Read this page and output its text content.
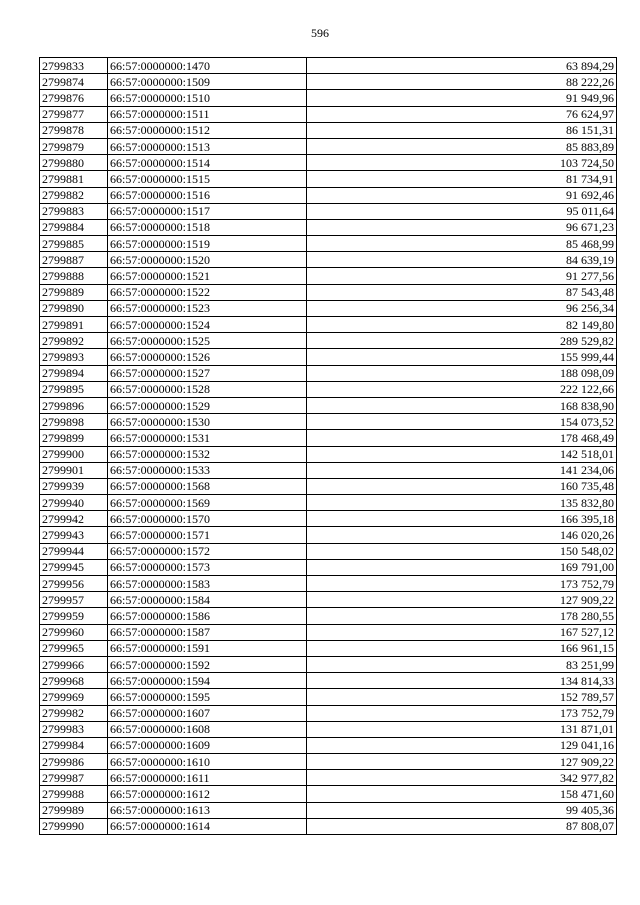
596
2799833	66:57:0000000:1470	63 894,29
2799874	66:57:0000000:1509	88 222,26
2799876	66:57:0000000:1510	91 949,96
2799877	66:57:0000000:1511	76 624,97
2799878	66:57:0000000:1512	86 151,31
2799879	66:57:0000000:1513	85 883,89
2799880	66:57:0000000:1514	103 724,50
2799881	66:57:0000000:1515	81 734,91
2799882	66:57:0000000:1516	91 692,46
2799883	66:57:0000000:1517	95 011,64
2799884	66:57:0000000:1518	96 671,23
2799885	66:57:0000000:1519	85 468,99
2799887	66:57:0000000:1520	84 639,19
2799888	66:57:0000000:1521	91 277,56
2799889	66:57:0000000:1522	87 543,48
2799890	66:57:0000000:1523	96 256,34
2799891	66:57:0000000:1524	82 149,80
2799892	66:57:0000000:1525	289 529,82
2799893	66:57:0000000:1526	155 999,44
2799894	66:57:0000000:1527	188 098,09
2799895	66:57:0000000:1528	222 122,66
2799896	66:57:0000000:1529	168 838,90
2799898	66:57:0000000:1530	154 073,52
2799899	66:57:0000000:1531	178 468,49
2799900	66:57:0000000:1532	142 518,01
2799901	66:57:0000000:1533	141 234,06
2799939	66:57:0000000:1568	160 735,48
2799940	66:57:0000000:1569	135 832,80
2799942	66:57:0000000:1570	166 395,18
2799943	66:57:0000000:1571	146 020,26
2799944	66:57:0000000:1572	150 548,02
2799945	66:57:0000000:1573	169 791,00
2799956	66:57:0000000:1583	173 752,79
2799957	66:57:0000000:1584	127 909,22
2799959	66:57:0000000:1586	178 280,55
2799960	66:57:0000000:1587	167 527,12
2799965	66:57:0000000:1591	166 961,15
2799966	66:57:0000000:1592	83 251,99
2799968	66:57:0000000:1594	134 814,33
2799969	66:57:0000000:1595	152 789,57
2799982	66:57:0000000:1607	173 752,79
2799983	66:57:0000000:1608	131 871,01
2799984	66:57:0000000:1609	129 041,16
2799986	66:57:0000000:1610	127 909,22
2799987	66:57:0000000:1611	342 977,82
2799988	66:57:0000000:1612	158 471,60
2799989	66:57:0000000:1613	99 405,36
2799990	66:57:0000000:1614	87 808,07
